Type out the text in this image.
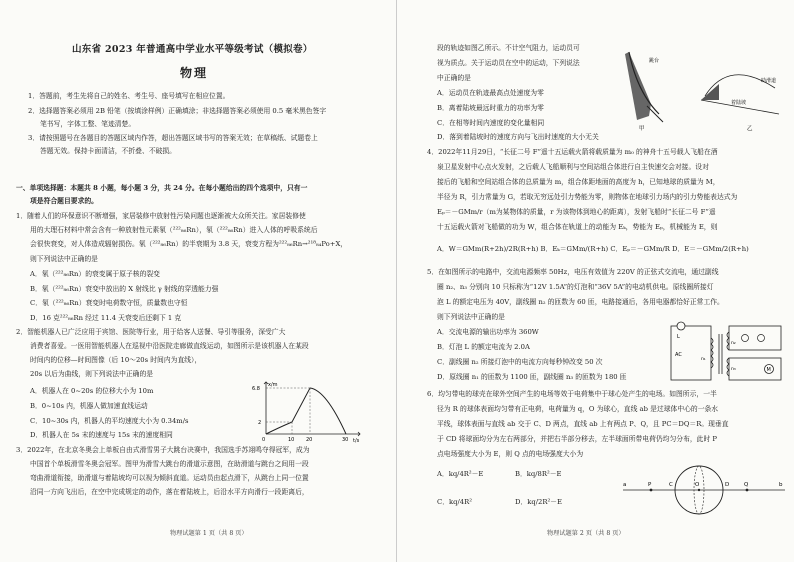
山东省 2023 年普通高中学业水平等级考试（模拟卷）
物理
1．答题前，考生先将自己的姓名、考生号、座号填写在相应位置。
2．选择题答案必须用 2B 铅笔（按填涂样例）正确填涂；非选择题答案必须使用 0.5 毫米黑色签字
笔书写，字体工整、笔迹清楚。
3．请按照题号在各题目的答题区域内作答，超出答题区域书写的答案无效；在草稿纸、试题卷上
答题无效。保持卡面清洁，不折叠、不破损。
一、单项选择题：本题共 8 小题，每小题 3 分，共 24 分。在每小题给出的四个选项中，只有一
项是符合题目要求的。
1．随着人们的环保意识不断增强，家居装修中放射性污染问题也逐渐被大众所关注。家居装修使
用的大理石材料中常会含有一种放射性元素氡（²²²₈₆Rn），氡（²²²₈₆Rn）进入人体的呼吸系统后
会很快衰变，对人体造成辐射损伤。氡（²²²₈₆Rn）的半衰期为 3.8 天，衰变方程为²²²₈₆Rn→²¹⁸₈₄Po+X，
则下列说法中正确的是
A．氡（²²²₈₆Rn）的衰变属于原子核的裂变
B．氡（²²²₈₆Rn）衰变中放出的 X 射线比 γ 射线的穿透能力强
C．氡（²²²₈₆Rn）衰变时电荷数守恒，质量数也守恒
D．16 克²²²₈₆Rn 经过 11.4 天衰变后还剩下 1 克
2．智能机器人已广泛应用于宾馆、医院等行业，用于给客人送餐、导引等服务，深受广大
消费者喜爱。一医用智能机器人在巡视中沿医院走廊做直线运动，如图所示是该机器人在某段
时间内的位移—时间图像（后 10～20s 时间内为直线），
20s 以后为曲线，则下列说法中正确的是
A．机器人在 0~20s 的位移大小为 10m
B．0~10s 内，机器人做加速直线运动
C．10~30s 内，机器人的平均速度大小为 0.34m/s
D．机器人在 5s 末的速度与 15s 末的速度相同
x/m
t/s
6.8
2
0	10 20	30
3．2022年，在北京冬奥会上单板自由式滑雪男子大跳台决赛中，我国选手苏翊鸣夺得冠军，成为
中国首个单板滑雪冬奥会冠军。图甲为滑雪大跳台的滑道示意图，在助滑道与跳台之间用一段
弯曲滑道衔接，助滑道与着陆坡均可以视为倾斜直道。运动员由起点滑下，从跳台上同一位置
沿同一方向飞出后，在空中完成规定的动作，落在着陆坡上，后沿水平方向滑行一段距离后，
物理试题第 1 页（共 8 页）
段的轨迹如图乙所示。不计空气阻力，运动员可
视为质点。关于运动员在空中的运动，下列说法
中正确的是
A．运动员在轨迹最高点处速度为零
B．离着陆坡最远时重力的功率为零
C．在相等时间内速度的变化量相同
D．落到着陆坡时的速度方向与飞出时速度的大小无关
跳台
甲
助滑道
着陆坡
乙
4．2022年11月29日，“长征二号 F”遥十五运载火箭将载质量为 m₀ 的神舟十五号载人飞船在酒
泉卫星发射中心点火发射，之后载人飞船顺利与空间站组合体进行自主快速交会对接。设对
接后的飞船和空间站组合体的总质量为 m，组合体距地面的高度为 h，已知地球的质量为 M，
半径为 R，引力常量为 G，若取无穷远处引力势能为零，则物体在地球引力场内的引力势能表达式为
Eₚ＝－GMm/r（m为某物体的质量，r 为该物体到地心的距离），发射飞船时“长征二号 F”遥
十五运载火箭对飞船做的功为 W，组合体在轨道上的动能为 Eₖ，势能为 Eₚ，机械能为 E，则
A．W＝GMm(R+2h)/2R(R+h) B．Eₖ＝GMm/(R+h) C．Eₚ＝－GMm/R D．E＝－GMm/2(R+h)
5．在如图所示的电路中，交流电源频率 50Hz，电压有效值为 220V 的正弦式交流电，通过副线
圈 n₂、n₃ 分别向 10 只标称为“12V 1.5A”的灯泡和“36V 5A”的电动机供电。原线圈所接灯
泡 L 的额定电压为 40V，副线圈 n₂ 的匝数为 60 匝，电路接通后，各用电器都恰好正常工作。
则下列说法中正确的是
A．交流电源的输出功率为 360W
B．灯泡 L 的额定电流为 2.0A
C．副线圈 n₂ 所接灯泡中的电流方向每秒钟改变 50 次
D．原线圈 n₁ 的匝数为 1100 匝，副线圈 n₃ 的匝数为 180 匝
L
AC
n₁
n₂
n₃	M
6．均匀带电的球壳在球外空间产生的电场等效于电荷集中于球心处产生的电场。如图所示，一半
径为 R 的球体表面均匀带有正电荷，电荷量为 q，O 为球心，直线 ab 是过球体中心的一条水
平线，球体表面与直线 ab 交于 C、D 两点，直线 ab 上有两点 P、Q，且 PC＝DQ＝R。现垂直
于 CD 将球面均分为左右两部分，并把右半部分移去，左半球面所带电荷仍均匀分布，此时 P
点电场强度大小为 E，则 Q 点的电场强度大小为
A．kq/4R²－E	B．kq/8R²－E
C．kq/4R²	D．kq/2R²－E
a	P	C	O	D	Q	b
物理试题第 2 页（共 8 页）
